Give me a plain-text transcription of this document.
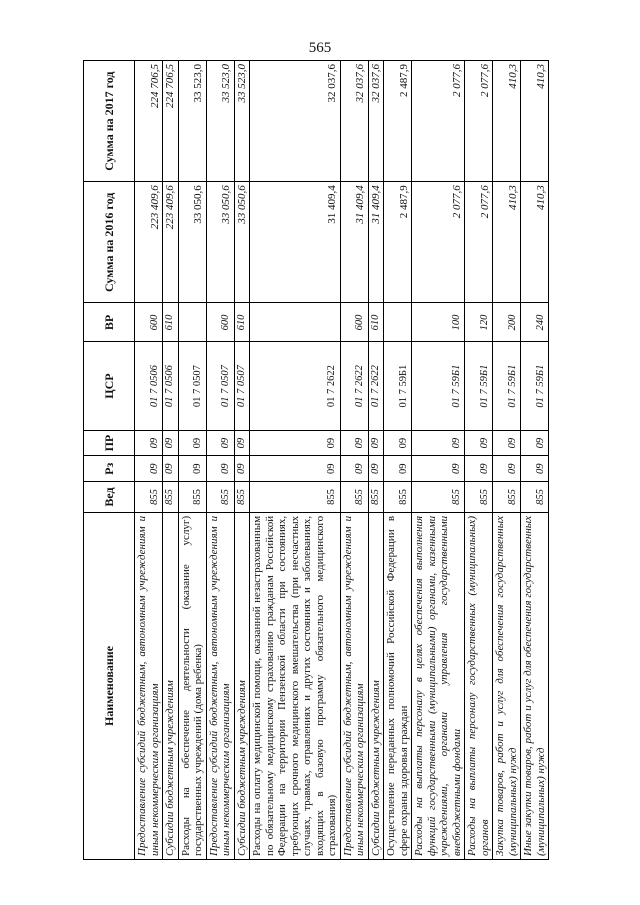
565
Наименование	Вед	Рз	ПР	ЦСР	ВР	Сумма на 2016 год	Сумма на 2017 год
Предоставление субсидий бюджетным, автономным учреждениям и иным некоммерческим организациям	855	09	09	01 7 0506	600	223 409,6	224 706,5
Субсидии бюджетным учреждениям	855	09	09	01 7 0506	610	223 409,6	224 706,5
Расходы на обеспечение деятельности (оказание услуг) государственных учреждений (дома ребенка)	855	09	09	01 7 0507		33 050,6	33 523,0
Предоставление субсидий бюджетным, автономным учреждениям и иным некоммерческим организациям	855	09	09	01 7 0507	600	33 050,6	33 523,0
Субсидии бюджетным учреждениям	855	09	09	01 7 0507	610	33 050,6	33 523,0
Расходы на оплату медицинской помощи, оказанной незастрахованным по обязательному медицинскому страхованию гражданам Российской Федерации на территории Пензенской области при состояниях, требующих срочного медицинского вмешательства (при несчастных случаях, травмах, отравлениях и других состояниях и заболеваниях, входящих в базовую программу обязательного медицинского страхования)	855	09	09	01 7 2622		31 409,4	32 037,6
Предоставление субсидий бюджетным, автономным учреждениям и иным некоммерческим организациям	855	09	09	01 7 2622	600	31 409,4	32 037,6
Субсидии бюджетным учреждениям	855	09	09	01 7 2622	610	31 409,4	32 037,6
Осуществление переданных полномочий Российской Федерации в сфере охраны здоровья граждан	855	09	09	01 7 59Б1		2 487,9	2 487,9
Расходы на выплаты персоналу в целях обеспечения выполнения функций государственными (муниципальными) органами, казенными учреждениями, органами управления государственными внебюджетными фондами	855	09	09	01 7 59Б1	100	2 077,6	2 077,6
Расходы на выплаты персоналу государственных (муниципальных) органов	855	09	09	01 7 59Б1	120	2 077,6	2 077,6
Закупка товаров, работ и услуг для обеспечения государственных (муниципальных) нужд	855	09	09	01 7 59Б1	200	410,3	410,3
Иные закупки товаров, работ и услуг для обеспечения государственных (муниципальных) нужд	855	09	09	01 7 59Б1	240	410,3	410,3
